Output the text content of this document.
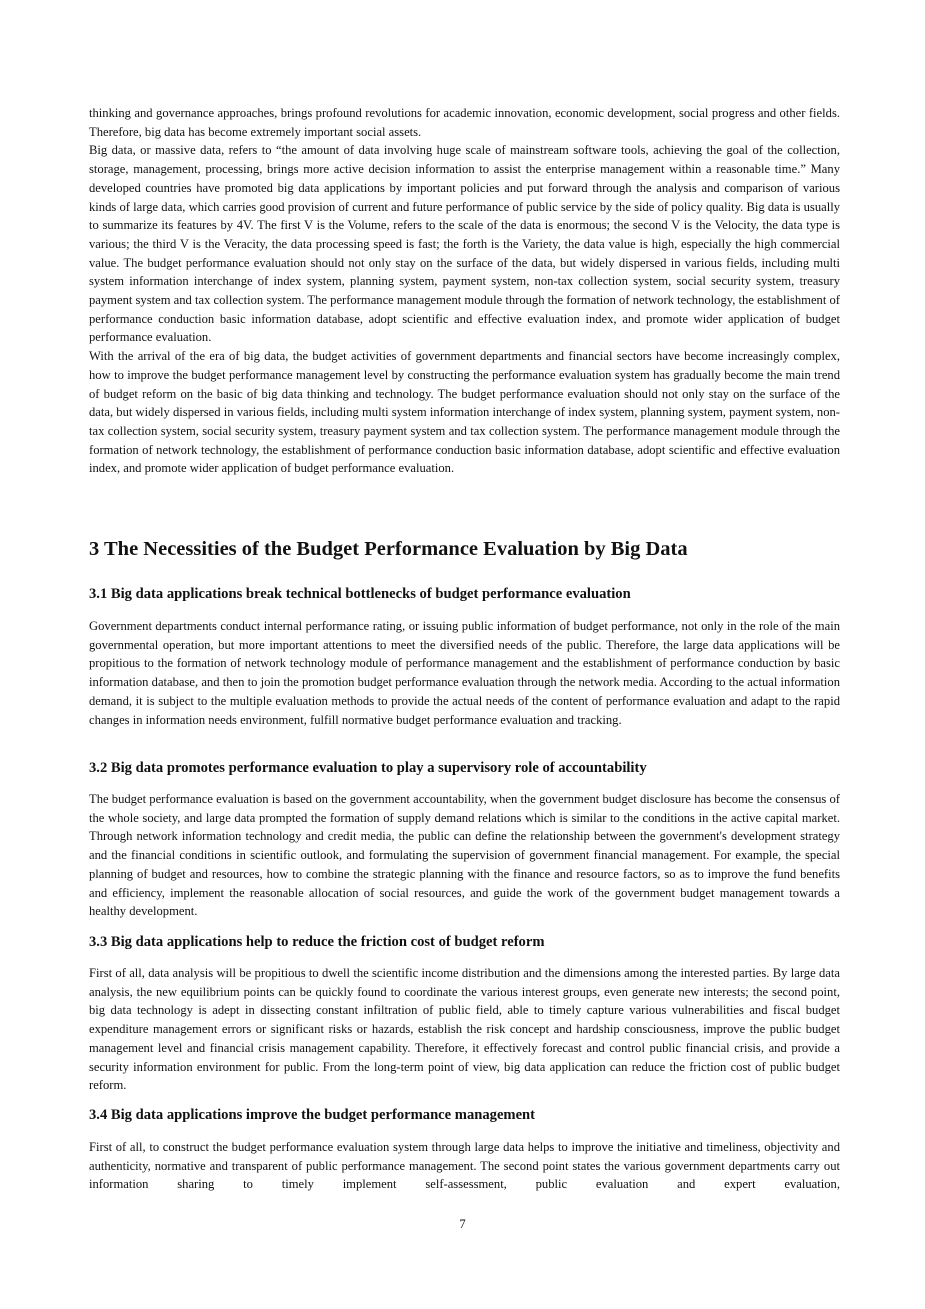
thinking and governance approaches, brings profound revolutions for academic innovation, economic development, social progress and other fields. Therefore, big data has become extremely important social assets.

Big data, or massive data, refers to “the amount of data involving huge scale of mainstream software tools, achieving the goal of the collection, storage, management, processing, brings more active decision information to assist the enterprise management within a reasonable time.” Many developed countries have promoted big data applications by important policies and put forward through the analysis and comparison of various kinds of large data, which carries good provision of current and future performance of public service by the side of policy quality. Big data is usually to summarize its features by 4V. The first V is the Volume, refers to the scale of the data is enormous; the second V is the Velocity, the data type is various; the third V is the Veracity, the data processing speed is fast; the forth is the Variety, the data value is high, especially the high commercial value. The budget performance evaluation should not only stay on the surface of the data, but widely dispersed in various fields, including multi system information interchange of index system, planning system, payment system, non-tax collection system, social security system, treasury payment system and tax collection system. The performance management module through the formation of network technology, the establishment of performance conduction basic information database, adopt scientific and effective evaluation index, and promote wider application of budget performance evaluation.

With the arrival of the era of big data, the budget activities of government departments and financial sectors have become increasingly complex, how to improve the budget performance management level by constructing the performance evaluation system has gradually become the main trend of budget reform on the basic of big data thinking and technology. The budget performance evaluation should not only stay on the surface of the data, but widely dispersed in various fields, including multi system information interchange of index system, planning system, payment system, non-tax collection system, social security system, treasury payment system and tax collection system. The performance management module through the formation of network technology, the establishment of performance conduction basic information database, adopt scientific and effective evaluation index, and promote wider application of budget performance evaluation.

3 The Necessities of the Budget Performance Evaluation by Big Data
3.1 Big data applications break technical bottlenecks of budget performance evaluation

Government departments conduct internal performance rating, or issuing public information of budget performance, not only in the role of the main governmental operation, but more important attentions to meet the diversified needs of the public. Therefore, the large data applications will be propitious to the formation of network technology module of performance management and the establishment of performance conduction by basic information database, and then to join the promotion budget performance evaluation through the network media. According to the actual information demand, it is subject to the multiple evaluation methods to provide the actual needs of the content of performance evaluation and adapt to the rapid changes in information needs environment, fulfill normative budget performance evaluation and tracking.

3.2 Big data promotes performance evaluation to play a supervisory role of accountability

The budget performance evaluation is based on the government accountability, when the government budget disclosure has become the consensus of the whole society, and large data prompted the formation of supply demand relations which is similar to the conditions in the active capital market. Through network information technology and credit media, the public can define the relationship between the government's development strategy and the financial conditions in scientific outlook, and formulating the supervision of government financial management. For example, the special planning of budget and resources, how to combine the strategic planning with the finance and resource factors, so as to improve the fund benefits and efficiency, implement the reasonable allocation of social resources, and guide the work of the government budget management towards a healthy development.

3.3 Big data applications help to reduce the friction cost of budget reform

First of all, data analysis will be propitious to dwell the scientific income distribution and the dimensions among the interested parties. By large data analysis, the new equilibrium points can be quickly found to coordinate the various interest groups, even generate new interests; the second point, big data technology is adept in dissecting constant infiltration of public field, able to timely capture various vulnerabilities and fiscal budget expenditure management errors or significant risks or hazards, establish the risk concept and hardship consciousness, improve the public budget management level and financial crisis management capability. Therefore, it effectively forecast and control public financial crisis, and provide a security information environment for public. From the long-term point of view, big data application can reduce the friction cost of public budget reform.

3.4 Big data applications improve the budget performance management

First of all, to construct the budget performance evaluation system through large data helps to improve the initiative and timeliness, objectivity and authenticity, normative and transparent of public performance management. The second point states the various government departments carry out information sharing to timely implement self-assessment, public evaluation and expert evaluation,

7
